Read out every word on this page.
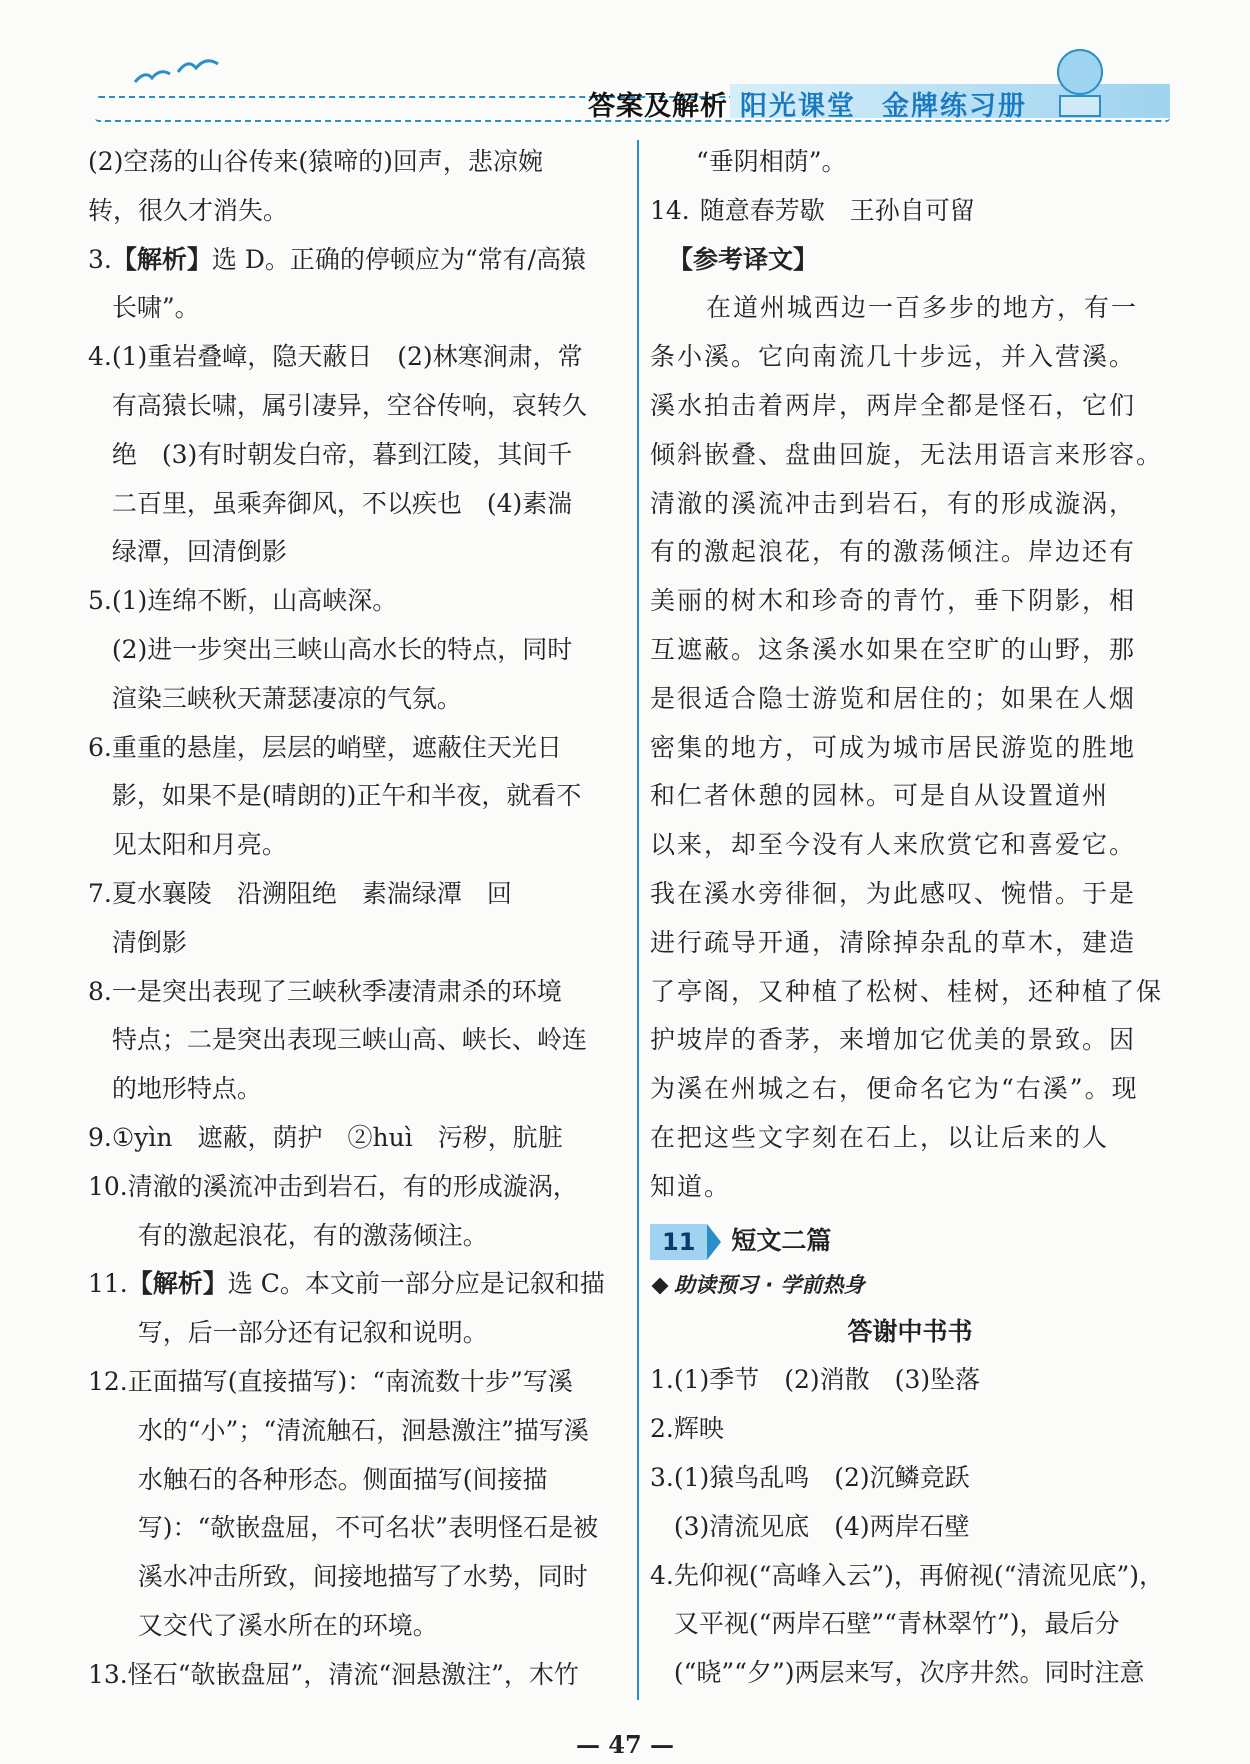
答案及解析 阳光课堂 金牌练习册
(2)空荡的山谷传来(猿啼的)回声，悲凉婉
转，很久才消失。
3. 【解析】选 D。正确的停顿应为“常有/高猿
长啸”。
4. (1)重岩叠嶂，隐天蔽日　(2)林寒涧肃，常
有高猿长啸，属引凄异，空谷传响，哀转久
绝　(3)有时朝发白帝，暮到江陵，其间千
二百里，虽乘奔御风，不以疾也　(4)素湍
绿潭，回清倒影
5. (1)连绵不断，山高峡深。
(2)进一步突出三峡山高水长的特点，同时
渲染三峡秋天萧瑟凄凉的气氛。
6. 重重的悬崖，层层的峭壁，遮蔽住天光日
影，如果不是(晴朗的)正午和半夜，就看不
见太阳和月亮。
7. 夏水襄陵　沿溯阻绝　素湍绿潭　回
清倒影
8. 一是突出表现了三峡秋季凄清肃杀的环境
特点；二是突出表现三峡山高、峡长、岭连
的地形特点。
9. ①yìn　遮蔽，荫护　②huì　污秽，肮脏
10. 清澈的溪流冲击到岩石，有的形成漩涡，
有的激起浪花，有的激荡倾注。
11. 【解析】选 C。本文前一部分应是记叙和描
写，后一部分还有记叙和说明。
12. 正面描写(直接描写)：“南流数十步”写溪
水的“小”；“清流触石，洄悬激注”描写溪
水触石的各种形态。侧面描写(间接描
写)：“欹嵌盘屈，不可名状”表明怪石是被
溪水冲击所致，间接地描写了水势，同时
又交代了溪水所在的环境。
13. 怪石“欹嵌盘屈”，清流“洄悬激注”，木竹
“垂阴相荫”。
14. 随意春芳歇　王孙自可留
【参考译文】
在道州城西边一百多步的地方，有一
条小溪。它向南流几十步远，并入营溪。
溪水拍击着两岸，两岸全都是怪石，它们
倾斜嵌叠、盘曲回旋，无法用语言来形容。
清澈的溪流冲击到岩石，有的形成漩涡，
有的激起浪花，有的激荡倾注。岸边还有
美丽的树木和珍奇的青竹，垂下阴影，相
互遮蔽。这条溪水如果在空旷的山野，那
是很适合隐士游览和居住的；如果在人烟
密集的地方，可成为城市居民游览的胜地
和仁者休憩的园林。可是自从设置道州
以来，却至今没有人来欣赏它和喜爱它。
我在溪水旁徘徊，为此感叹、惋惜。于是
进行疏导开通，清除掉杂乱的草木，建造
了亭阁，又种植了松树、桂树，还种植了保
护坡岸的香茅，来增加它优美的景致。因
为溪在州城之右，便命名它为“右溪”。现
在把这些文字刻在石上，以让后来的人
知道。
11	短文二篇
助读预习 · 学前热身
答谢中书书
1. (1)季节　(2)消散　(3)坠落
2. 辉映
3. (1)猿鸟乱鸣　(2)沉鳞竞跃
(3)清流见底　(4)两岸石壁
4. 先仰视(“高峰入云”)，再俯视(“清流见底”)，
又平视(“两岸石壁”“青林翠竹”)，最后分
(“晓”“夕”)两层来写，次序井然。同时注意
— 47 —
